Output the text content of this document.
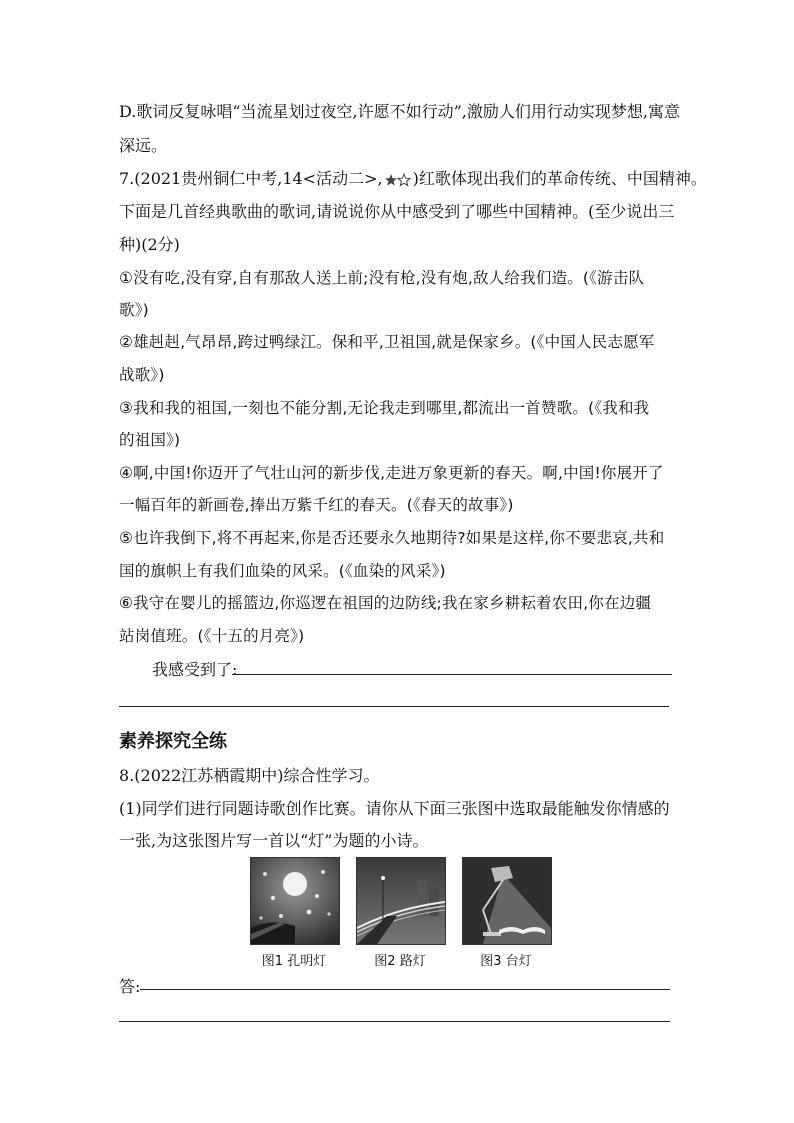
D.歌词反复咏唱“当流星划过夜空,许愿不如行动”,激励人们用行动实现梦想,寓意
深远。
7.(2021贵州铜仁中考,14<活动二>, )红歌体现出我们的革命传统、中国精神。
下面是几首经典歌曲的歌词,请说说你从中感受到了哪些中国精神。(至少说出三
种)(2分)
①没有吃,没有穿,自有那敌人送上前;没有枪,没有炮,敌人给我们造。(《游击队
歌》)
②雄赳赳,气昂昂,跨过鸭绿江。保和平,卫祖国,就是保家乡。(《中国人民志愿军
战歌》)
③我和我的祖国,一刻也不能分割,无论我走到哪里,都流出一首赞歌。(《我和我
的祖国》)
④啊,中国!你迈开了气壮山河的新步伐,走进万象更新的春天。啊,中国!你展开了
一幅百年的新画卷,捧出万紫千红的春天。(《春天的故事》)
⑤也许我倒下,将不再起来,你是否还要永久地期待?如果是这样,你不要悲哀,共和
国的旗帜上有我们血染的风采。(《血染的风采》)
⑥我守在婴儿的摇篮边,你巡逻在祖国的边防线;我在家乡耕耘着农田,你在边疆
站岗值班。(《十五的月亮》)
我感受到了:
素养探究全练
8.(2022江苏栖霞期中)综合性学习。
(1)同学们进行同题诗歌创作比赛。请你从下面三张图中选取最能触发你情感的
一张,为这张图片写一首以“灯”为题的小诗。
图1 孔明灯	图2 路灯	图3 台灯
答:
